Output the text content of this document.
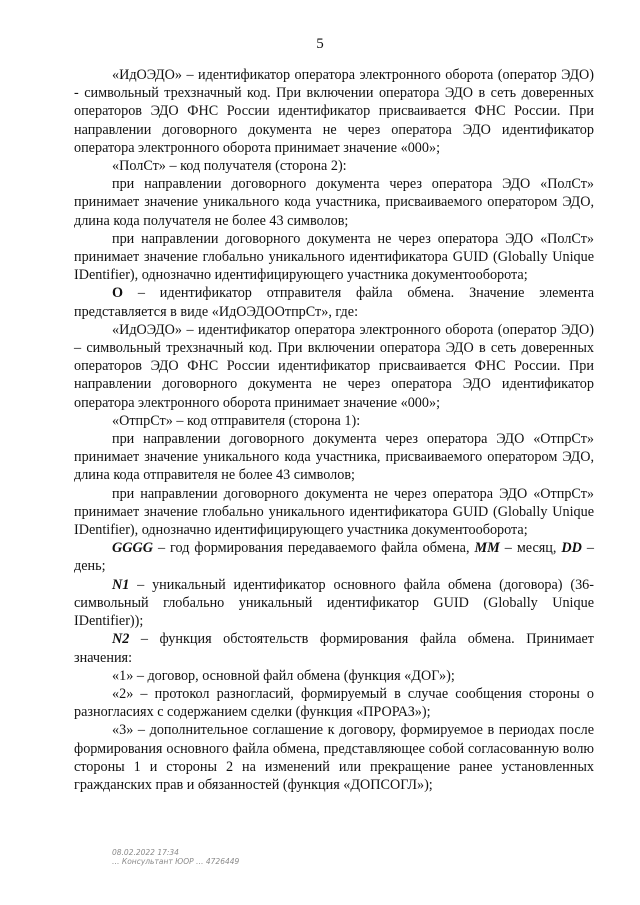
5

«ИдОЭДО» – идентификатор оператора электронного оборота (оператор ЭДО) - символьный трехзначный код. При включении оператора ЭДО в сеть доверенных операторов ЭДО ФНС России идентификатор присваивается ФНС России. При направлении договорного документа не через оператора ЭДО идентификатор оператора электронного оборота принимает значение «000»;

«ПолСт» – код получателя (сторона 2):

при направлении договорного документа через оператора ЭДО «ПолСт» принимает значение уникального кода участника, присваиваемого оператором ЭДО, длина кода получателя не более 43 символов;

при направлении договорного документа не через оператора ЭДО «ПолСт» принимает значение глобально уникального идентификатора GUID (Globally Unique IDentifier), однозначно идентифицирующего участника документооборота;

O – идентификатор отправителя файла обмена. Значение элемента представляется в виде «ИдОЭДООтпрСт», где:

«ИдОЭДО» – идентификатор оператора электронного оборота (оператор ЭДО) – символьный трехзначный код. При включении оператора ЭДО в сеть доверенных операторов ЭДО ФНС России идентификатор присваивается ФНС России. При направлении договорного документа не через оператора ЭДО идентификатор оператора электронного оборота принимает значение «000»;

«ОтпрСт» – код отправителя (сторона 1):

при направлении договорного документа через оператора ЭДО «ОтпрСт» принимает значение уникального кода участника, присваиваемого оператором ЭДО, длина кода отправителя не более 43 символов;

при направлении договорного документа не через оператора ЭДО «ОтпрСт» принимает значение глобально уникального идентификатора GUID (Globally Unique IDentifier), однозначно идентифицирующего участника документооборота;

GGGG – год формирования передаваемого файла обмена, MM – месяц, DD – день;

N1 – уникальный идентификатор основного файла обмена (договора) (36-символьный глобально уникальный идентификатор GUID (Globally Unique IDentifier));

N2 – функция обстоятельств формирования файла обмена. Принимает значения:

«1» – договор, основной файл обмена (функция «ДОГ»);

«2» – протокол разногласий, формируемый в случае сообщения стороны о разногласиях с содержанием сделки (функция «ПРОРАЗ»);

«3» – дополнительное соглашение к договору, формируемое в периодах после формирования основного файла обмена, представляющее собой согласованную волю стороны 1 и стороны 2 на изменений или прекращение ранее установленных гражданских прав и обязанностей (функция «ДОПСОГЛ»);

08.02.2022 17:34
… Консультант ЮОР … 4726449
